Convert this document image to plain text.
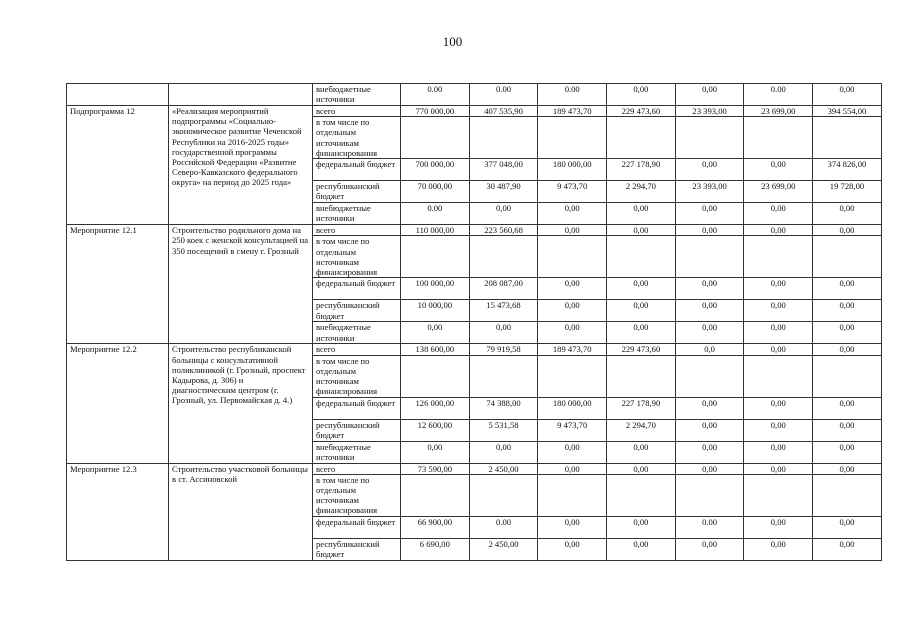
100
		внебюджетные источники	0.00	0.00	0.00	0,00	0,00	0.00	0,00
Подпрограмма 12	«Реализация мероприятий подпрограммы «Социально-экономическое развитие Чеченской Республики на 2016-2025 годы» государственной программы Российской Федерации «Развитие Северо-Кавказского федерального округа» на период до 2025 года»	всего	770 000,00	407 535,90	189 473,70	229 473,60	23 393,00	23 699,00	394 554,00
		в том числе по отдельным источникам финансирования							
		федеральный бюджет	700 000,00	377 048,00	180 000,00	227 178,90	0,00	0,00	374 826,00
		республиканский бюджет	70 000,00	30 487,90	9 473,70	2 294,70	23 393,00	23 699,00	19 728,00
		внебюджетные источники	0.00	0,00	0,00	0,00	0,00	0,00	0,00
Мероприятие 12.1	Строительство родильного дома на 250 коек с женской консультацией на 350 посещений в смену г. Грозный	всего	110 000,00	223 560,68	0,00	0,00	0,00	0,00	0,00
		в том числе по отдельным источникам финансирования							
		федеральный бюджет	100 000,00	208 087,00	0,00	0,00	0,00	0,00	0,00
		республиканский бюджет	10 000,00	15 473,68	0,00	0,00	0,00	0,00	0,00
		внебюджетные источники	0,00	0,00	0,00	0,00	0,00	0,00	0,00
Мероприятие 12.2	Строительство республиканской больницы с консультативной поликлиникой (г. Грозный, проспект Кадырова, д. 306) и диагностическим центром (г. Грозный, ул. Первомайская д. 4.)	всего	138 600,00	79 919,58	189 473,70	229 473,60	0,0	0,00	0,00
		в том числе по отдельным источникам финансирования							
		федеральный бюджет	126 000,00	74 388,00	180 000,00	227 178,90	0,00	0,00	0,00
		республиканский бюджет	12 600,00	5 531,58	9 473,70	2 294,70	0,00	0,00	0,00
		внебюджетные источники	0,00	0,00	0,00	0,00	0,00	0,00	0,00
Мероприятие 12.3	Строительство участковой больницы в ст. Ассиновской	всего	73 590,00	2 450,00	0,00	0,00	0,00	0,00	0,00
		в том числе по отдельным источникам финансирования							
		федеральный бюджет	66 900,00	0.00	0,00	0,00	0.00	0,00	0,00
		республиканский бюджет	6 690,00	2 450,00	0,00	0,00	0,00	0,00	0,00
